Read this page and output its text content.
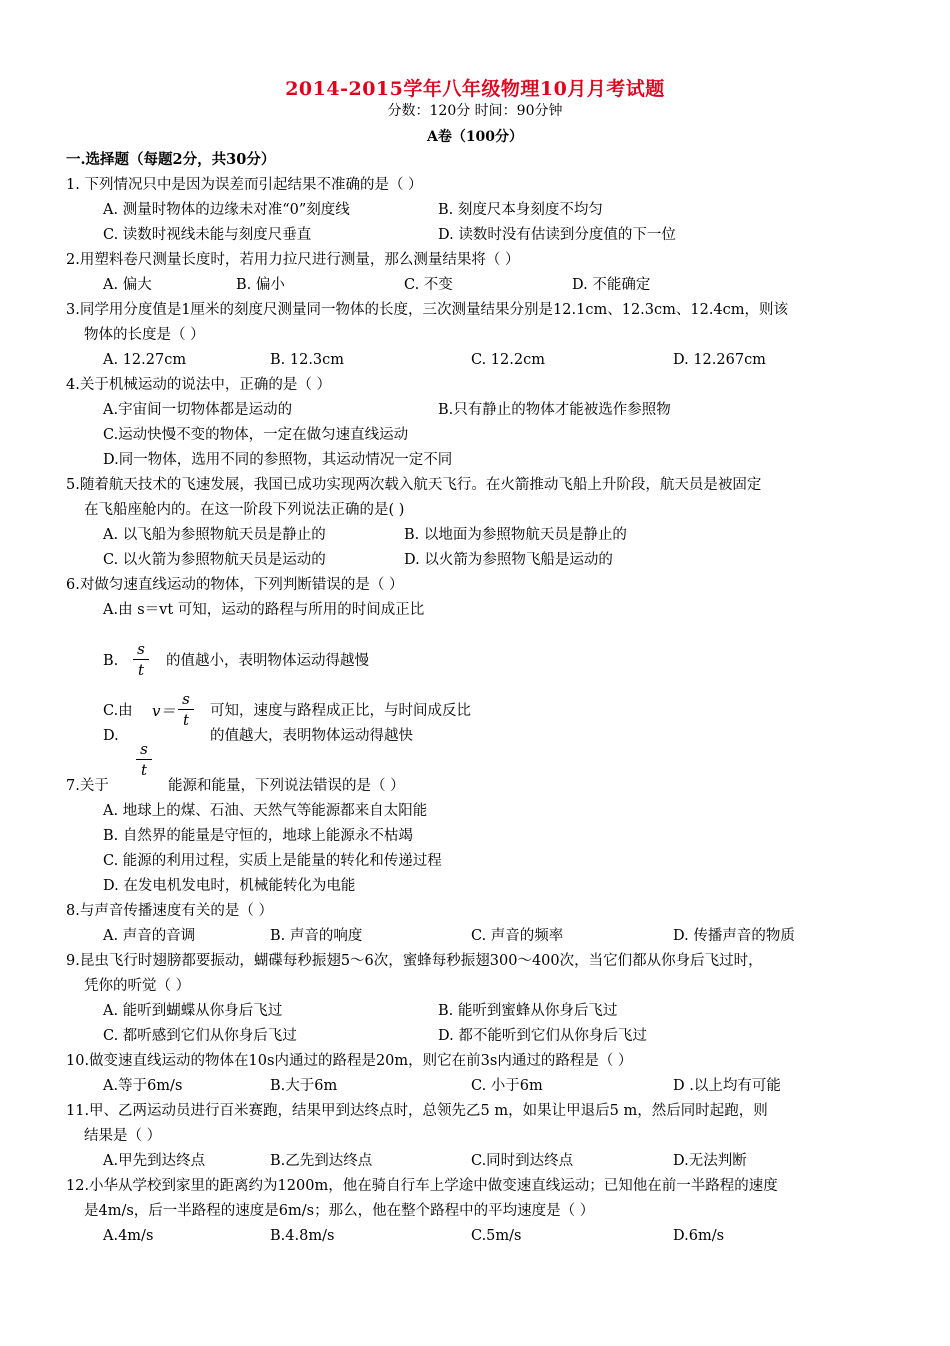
2014-2015学年八年级物理10月月考试题
分数：120分 时间：90分钟
A卷（100分）
一.选择题（每题2分，共30分）
1. 下列情况只中是因为误差而引起结果不准确的是（ ）
A. 测量时物体的边缘未对准“0”刻度线	B. 刻度尺本身刻度不均匀
C. 读数时视线未能与刻度尺垂直	D. 读数时没有估读到分度值的下一位
2.用塑料卷尺测量长度时，若用力拉尺进行测量，那么测量结果将（ ）
A. 偏大	B. 偏小	C. 不变	D. 不能确定
3.同学用分度值是1厘米的刻度尺测量同一物体的长度，三次测量结果分别是12.1cm、12.3cm、12.4cm，则该
物体的长度是（ ）
A. 12.27cm	B. 12.3cm	C. 12.2cm	D. 12.267cm
4.关于机械运动的说法中，正确的是（ ）
A.宇宙间一切物体都是运动的	B.只有静止的物体才能被选作参照物
C.运动快慢不变的物体，一定在做匀速直线运动
D.同一物体，选用不同的参照物，其运动情况一定不同
5.随着航天技术的飞速发展，我国已成功实现两次载入航天飞行。在火箭推动飞船上升阶段，航天员是被固定
在飞船座舱内的。在这一阶段下列说法正确的是( )
A. 以飞船为参照物航天员是静止的	B. 以地面为参照物航天员是静止的
C. 以火箭为参照物航天员是运动的	D. 以火箭为参照物飞船是运动的
6.对做匀速直线运动的物体，下列判断错误的是（ ）
A.由 s＝vt 可知，运动的路程与所用的时间成正比
B.
s
t	的值越小，表明物体运动得越慢
C.由 v＝
s
t	可知，速度与路程成正比，与时间成反比
D.
s
t
的值越大，表明物体运动得越快
7.关于	能源和能量，下列说法错误的是（ ）
A. 地球上的煤、石油、天然气等能源都来自太阳能
B. 自然界的能量是守恒的，地球上能源永不枯竭
C. 能源的利用过程，实质上是能量的转化和传递过程
D. 在发电机发电时，机械能转化为电能
8.与声音传播速度有关的是（ ）
A. 声音的音调	B. 声音的响度	C. 声音的频率	D. 传播声音的物质
9.昆虫飞行时翅膀都要振动，蝴碟每秒振翅5～6次，蜜蜂每秒振翅300～400次，当它们都从你身后飞过时，
凭你的听觉（ ）
A. 能听到蝴蝶从你身后飞过	B. 能听到蜜蜂从你身后飞过
C. 都听感到它们从你身后飞过	D. 都不能听到它们从你身后飞过
10.做变速直线运动的物体在10s内通过的路程是20m，则它在前3s内通过的路程是（ ）
A.等于6m/s	B.大于6m	C. 小于6m	D .以上均有可能
11.甲、乙两运动员进行百米赛跑，结果甲到达终点时，总领先乙5 m，如果让甲退后5 m，然后同时起跑，则
结果是（ ）
A.甲先到达终点	B.乙先到达终点	C.同时到达终点	D.无法判断
12.小华从学校到家里的距离约为1200m，他在骑自行车上学途中做变速直线运动；已知他在前一半路程的速度
是4m/s，后一半路程的速度是6m/s；那么，他在整个路程中的平均速度是（ ）
A.4m/s	B.4.8m/s	C.5m/s	D.6m/s
